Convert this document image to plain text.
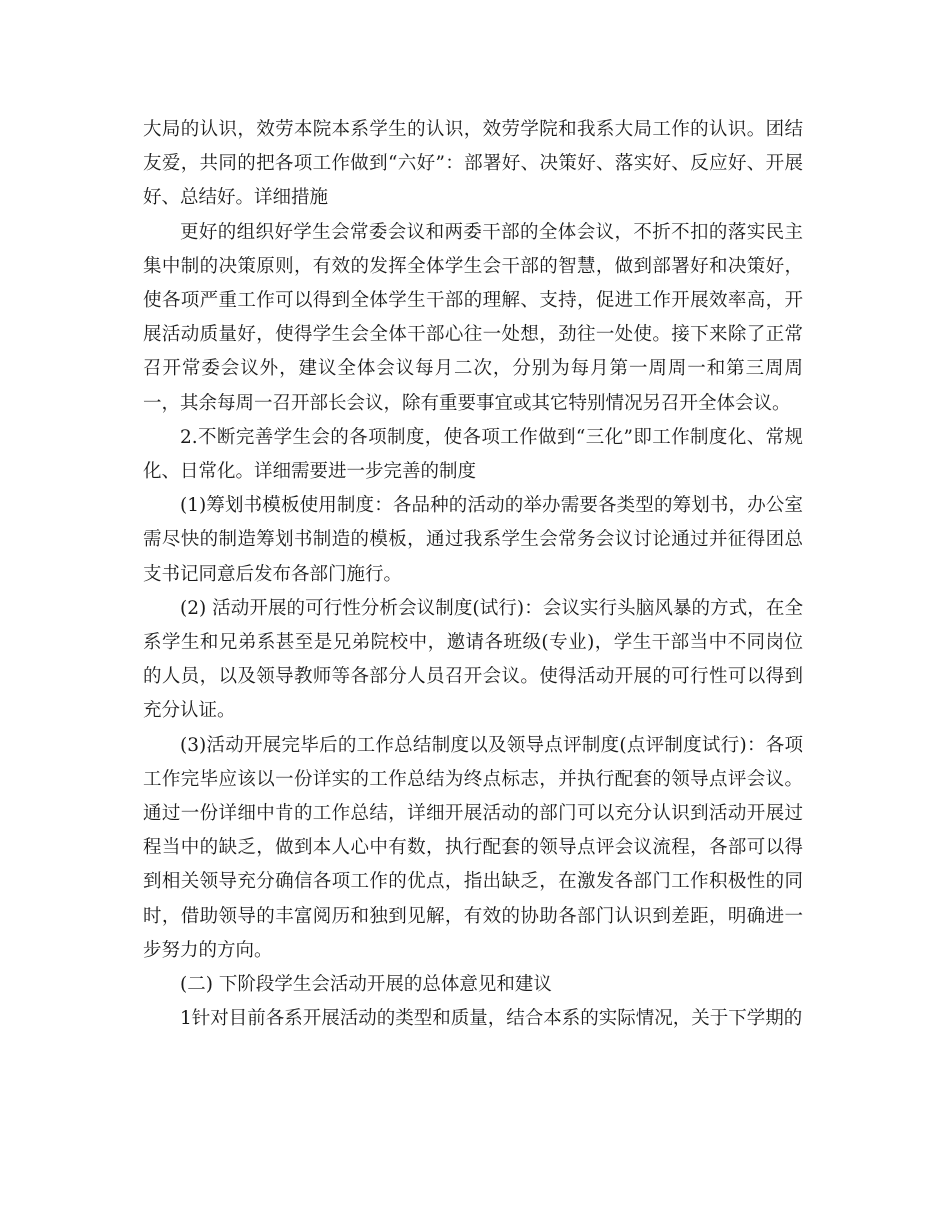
大局的认识，效劳本院本系学生的认识，效劳学院和我系大局工作的认识。团结友爱，共同的把各项工作做到“六好”：部署好、决策好、落实好、反应好、开展好、总结好。详细措施

更好的组织好学生会常委会议和两委干部的全体会议，不折不扣的落实民主集中制的决策原则，有效的发挥全体学生会干部的智慧，做到部署好和决策好，使各项严重工作可以得到全体学生干部的理解、支持，促进工作开展效率高，开展活动质量好，使得学生会全体干部心往一处想，劲往一处使。接下来除了正常召开常委会议外，建议全体会议每月二次，分别为每月第一周周一和第三周周一，其余每周一召开部长会议，除有重要事宜或其它特别情况另召开全体会议。

2.不断完善学生会的各项制度，使各项工作做到“三化”即工作制度化、常规化、日常化。详细需要进一步完善的制度

(1)筹划书模板使用制度：各品种的活动的举办需要各类型的筹划书，办公室需尽快的制造筹划书制造的模板，通过我系学生会常务会议讨论通过并征得团总支书记同意后发布各部门施行。

(2) 活动开展的可行性分析会议制度(试行)：会议实行头脑风暴的方式，在全系学生和兄弟系甚至是兄弟院校中，邀请各班级(专业)，学生干部当中不同岗位的人员，以及领导教师等各部分人员召开会议。使得活动开展的可行性可以得到充分认证。

(3)活动开展完毕后的工作总结制度以及领导点评制度(点评制度试行)：各项工作完毕应该以一份详实的工作总结为终点标志，并执行配套的领导点评会议。通过一份详细中肯的工作总结，详细开展活动的部门可以充分认识到活动开展过程当中的缺乏，做到本人心中有数，执行配套的领导点评会议流程，各部可以得到相关领导充分确信各项工作的优点，指出缺乏，在激发各部门工作积极性的同时，借助领导的丰富阅历和独到见解，有效的协助各部门认识到差距，明确进一步努力的方向。

(二) 下阶段学生会活动开展的总体意见和建议

1针对目前各系开展活动的类型和质量，结合本系的实际情况，关于下学期的
